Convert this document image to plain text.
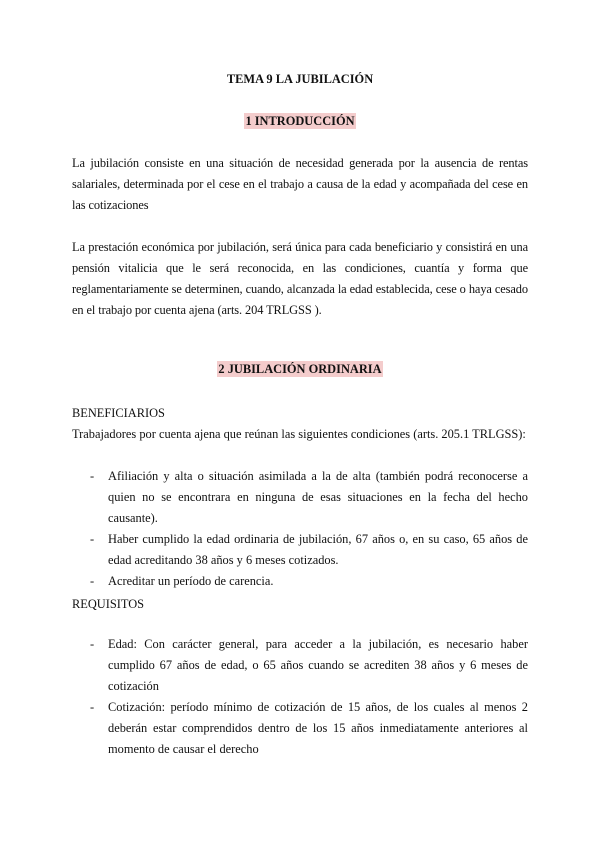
TEMA 9 LA JUBILACIÓN
1 INTRODUCCIÓN

La jubilación consiste en una situación de necesidad generada por la ausencia de rentas salariales, determinada por el cese en el trabajo a causa de la edad y acompañada del cese en las cotizaciones

La prestación económica por jubilación, será única para cada beneficiario y consistirá en una pensión vitalicia que le será reconocida, en las condiciones, cuantía y forma que reglamentariamente se determinen, cuando, alcanzada la edad establecida, cese o haya cesado en el trabajo por cuenta ajena (arts. 204 TRLGSS ).

2 JUBILACIÓN ORDINARIA

BENEFICIARIOS

Trabajadores por cuenta ajena que reúnan las siguientes condiciones (arts. 205.1 TRLGSS):

- Afiliación y alta o situación asimilada a la de alta (también podrá reconocerse a quien no se encontrara en ninguna de esas situaciones en la fecha del hecho causante).
- Haber cumplido la edad ordinaria de jubilación, 67 años o, en su caso, 65 años de edad acreditando 38 años y 6 meses cotizados.
- Acreditar un período de carencia.

REQUISITOS

- Edad: Con carácter general, para acceder a la jubilación, es necesario haber cumplido 67 años de edad, o 65 años cuando se acrediten 38 años y 6 meses de cotización
- Cotización: período mínimo de cotización de 15 años, de los cuales al menos 2 deberán estar comprendidos dentro de los 15 años inmediatamente anteriores al momento de causar el derecho
